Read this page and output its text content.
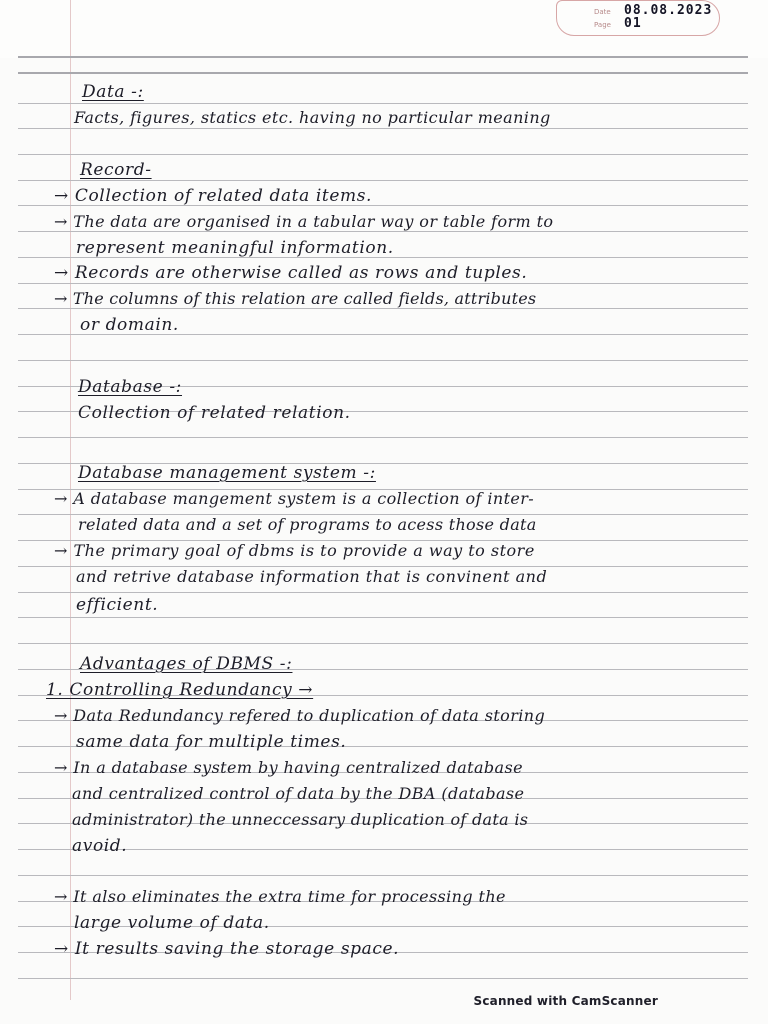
Date 08.08.2023
Page 01
Data -:
Facts, figures, statics etc. having no particular meaning
Record-
→ Collection of related data items.
→ The data are organised in a tabular way or table form to
represent meaningful information.
→ Records are otherwise called as rows and tuples.
→ The columns of this relation are called fields, attributes
or domain.
Database -:
Collection of related relation.
Database management system -:
→ A database mangement system is a collection of inter-
related data and a set of programs to acess those data
→ The primary goal of dbms is to provide a way to store
and retrive database information that is convinent and
efficient.
Advantages of DBMS -:
1. Controlling Redundancy →
→ Data Redundancy refered to duplication of data storing
same data for multiple times.
→ In a database system by having centralized database
and centralized control of data by the DBA (database
administrator) the unneccessary duplication of data is
avoid.
→ It also eliminates the extra time for processing the
large volume of data.
→ It results saving the storage space.
Scanned with CamScanner
